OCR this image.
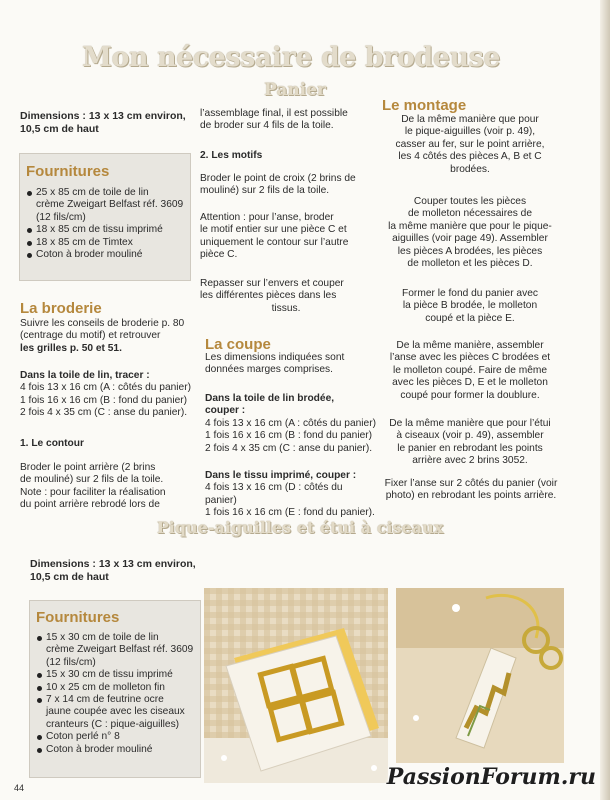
Mon nécessaire de brodeuse
Panier
Dimensions : 13 x 13 cm environ,
10,5 cm de haut
Fournitures
25 x 85 cm de toile de lin
crème Zweigart Belfast réf. 3609
(12 fils/cm)
18 x 85 cm de tissu imprimé
18 x 85 cm de Timtex
Coton à broder mouliné
La broderie
Suivre les conseils de broderie p. 80
(centrage du motif) et retrouver
les grilles p. 50 et 51.
Dans la toile de lin, tracer :
4 fois 13 x 16 cm (A : côtés du panier)
1 fois 16 x 16 cm (B : fond du panier)
2 fois 4 x 35 cm (C : anse du panier).
1. Le contour
Broder le point arrière (2 brins
de mouliné) sur 2 fils de la toile.
Note : pour faciliter la réalisation
du point arrière rebrodé lors de
l’assemblage final, il est possible
de broder sur 4 fils de la toile.
2. Les motifs
Broder le point de croix (2 brins de
mouliné) sur 2 fils de la toile.
Attention : pour l’anse, broder
le motif entier sur une pièce C et
uniquement le contour sur l’autre
pièce C.
Repasser sur l’envers et couper
les différentes pièces dans les
tissus.
La coupe
Les dimensions indiquées sont
données marges comprises.
Dans la toile de lin brodée,
couper :
4 fois 13 x 16 cm (A : côtés du panier)
1 fois 16 x 16 cm (B : fond du panier)
2 fois 4 x 35 cm (C : anse du panier).
Dans le tissu imprimé, couper :
4 fois 13 x 16 cm (D : côtés du panier)
1 fois 16 x 16 cm (E : fond du panier).
Le montage
De la même manière que pour
le pique-aiguilles (voir p. 49),
casser au fer, sur le point arrière,
les 4 côtés des pièces A, B et C
brodées.
Couper toutes les pièces
de molleton nécessaires de
la même manière que pour le pique-
aiguilles (voir page 49). Assembler
les pièces A brodées, les pièces
de molleton et les pièces D.
Former le fond du panier avec
la pièce B brodée, le molleton
coupé et la pièce E.
De la même manière, assembler
l’anse avec les pièces C brodées et
le molleton coupé. Faire de même
avec les pièces D, E et le molleton
coupé pour former la doublure.
De la même manière que pour l’étui
à ciseaux (voir p. 49), assembler
le panier en rebrodant les points
arrière avec 2 brins 3052.
Fixer l’anse sur 2 côtés du panier (voir
photo) en rebrodant les points arrière.
Pique-aiguilles et étui à ciseaux
Dimensions : 13 x 13 cm environ,
10,5 cm de haut
Fournitures
15 x 30 cm de toile de lin
crème Zweigart Belfast réf. 3609
(12 fils/cm)
15 x 30 cm de tissu imprimé
10 x 25 cm de molleton fin
7 x 14 cm de feutrine ocre
jaune coupée avec les ciseaux
cranteurs (C : pique-aiguilles)
Coton perlé n° 8
Coton à broder mouliné
44	PassionForum.ru
